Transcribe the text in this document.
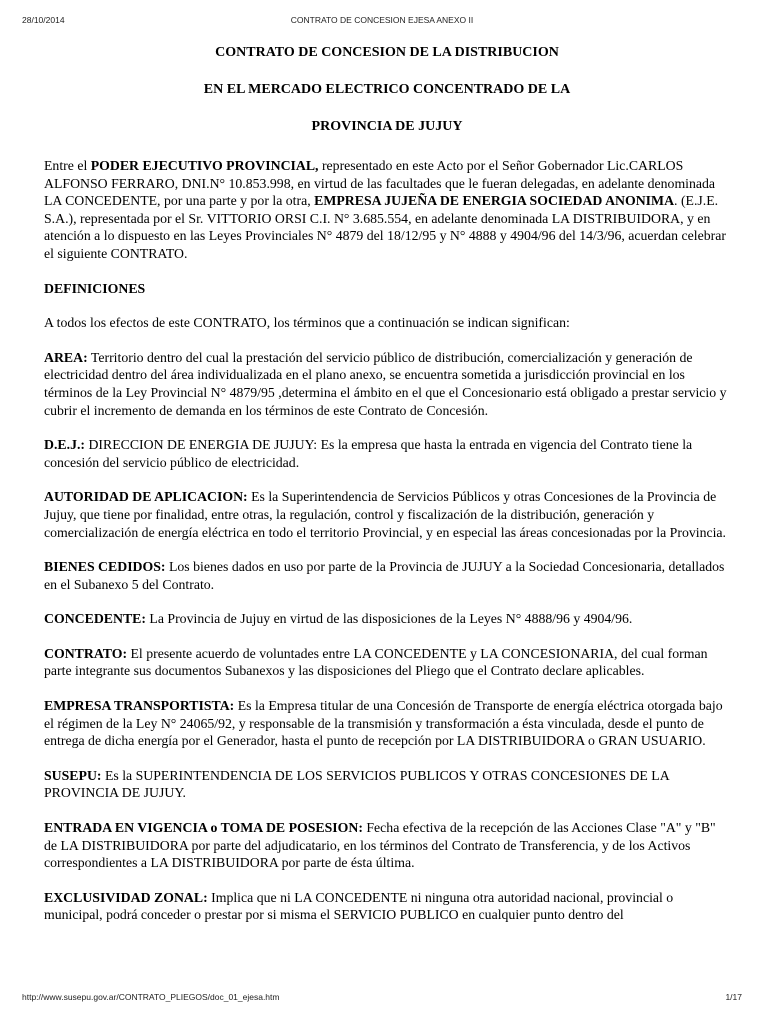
28/10/2014	CONTRATO DE CONCESION EJESA ANEXO II
CONTRATO DE CONCESION DE LA DISTRIBUCION
EN EL MERCADO ELECTRICO CONCENTRADO DE LA
PROVINCIA DE JUJUY

Entre el PODER EJECUTIVO PROVINCIAL, representado en este Acto por el Señor Gobernador Lic.CARLOS ALFONSO FERRARO, DNI.N° 10.853.998, en virtud de las facultades que le fueran delegadas, en adelante denominada LA CONCEDENTE, por una parte y por la otra, EMPRESA JUJEÑA DE ENERGIA SOCIEDAD ANONIMA. (E.J.E. S.A.), representada por el Sr. VITTORIO ORSI C.I. N° 3.685.554, en adelante denominada LA DISTRIBUIDORA, y en atención a lo dispuesto en las Leyes Provinciales N° 4879 del 18/12/95 y N° 4888 y 4904/96 del 14/3/96, acuerdan celebrar el siguiente CONTRATO.

DEFINICIONES

A todos los efectos de este CONTRATO, los términos que a continuación se indican significan:

AREA: Territorio dentro del cual la prestación del servicio público de distribución, comercialización y generación de electricidad dentro del área individualizada en el plano anexo, se encuentra sometida a jurisdicción provincial en los términos de la Ley Provincial N° 4879/95 ,determina el ámbito en el que el Concesionario está obligado a prestar servicio y cubrir el incremento de demanda en los términos de este Contrato de Concesión.

D.E.J.: DIRECCION DE ENERGIA DE JUJUY: Es la empresa que hasta la entrada en vigencia del Contrato tiene la concesión del servicio público de electricidad.

AUTORIDAD DE APLICACION: Es la Superintendencia de Servicios Públicos y otras Concesiones de la Provincia de Jujuy, que tiene por finalidad, entre otras, la regulación, control y fiscalización de la distribución, generación y comercialización de energía eléctrica en todo el territorio Provincial, y en especial las áreas concesionadas por la Provincia.

BIENES CEDIDOS: Los bienes dados en uso por parte de la Provincia de JUJUY a la Sociedad Concesionaria, detallados en el Subanexo 5 del Contrato.

CONCEDENTE: La Provincia de Jujuy en virtud de las disposiciones de la Leyes N° 4888/96 y 4904/96.

CONTRATO: El presente acuerdo de voluntades entre LA CONCEDENTE y LA CONCESIONARIA, del cual forman parte integrante sus documentos Subanexos y las disposiciones del Pliego que el Contrato declare aplicables.

EMPRESA TRANSPORTISTA: Es la Empresa titular de una Concesión de Transporte de energía eléctrica otorgada bajo el régimen de la Ley N° 24065/92, y responsable de la transmisión y transformación a ésta vinculada, desde el punto de entrega de dicha energía por el Generador, hasta el punto de recepción por LA DISTRIBUIDORA o GRAN USUARIO.

SUSEPU: Es la SUPERINTENDENCIA DE LOS SERVICIOS PUBLICOS Y OTRAS CONCESIONES DE LA PROVINCIA DE JUJUY.

ENTRADA EN VIGENCIA o TOMA DE POSESION: Fecha efectiva de la recepción de las Acciones Clase "A" y "B" de LA DISTRIBUIDORA por parte del adjudicatario, en los términos del Contrato de Transferencia, y de los Activos correspondientes a LA DISTRIBUIDORA por parte de ésta última.

EXCLUSIVIDAD ZONAL: Implica que ni LA CONCEDENTE ni ninguna otra autoridad nacional, provincial o municipal, podrá conceder o prestar por si misma el SERVICIO PUBLICO en cualquier punto dentro del

http://www.susepu.gov.ar/CONTRATO_PLIEGOS/doc_01_ejesa.htm	1/17
